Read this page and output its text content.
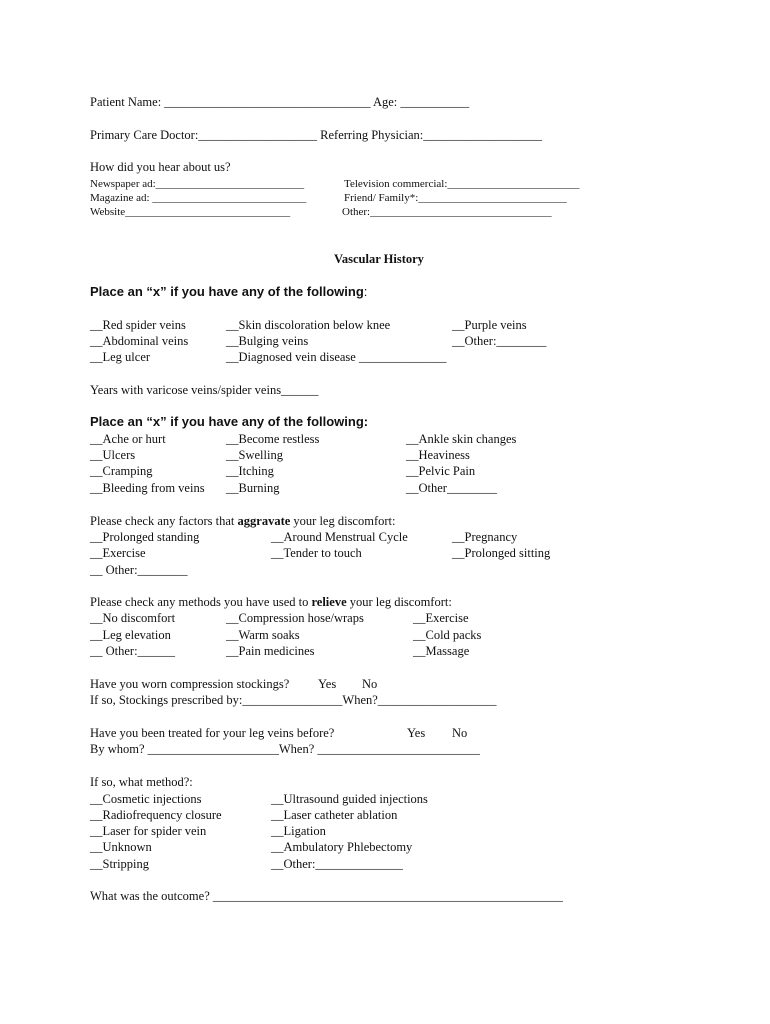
Patient Name: _________________________________ Age: ___________
Primary Care Doctor:___________________ Referring Physician:___________________
How did you hear about us?
Newspaper ad:___________________________	Television commercial:________________________
Magazine ad: ____________________________	Friend/ Family*:___________________________
Website______________________________	Other:_________________________________
Vascular History
Place an “x” if you have any of the following:
__Red spider veins
__Abdominal veins
__Leg ulcer
__Skin discoloration below knee
__Bulging veins
__Diagnosed vein disease ______________
__Purple veins
__Other:________
Years with varicose veins/spider veins______
Place an “x” if you have any of the following:
__Ache or hurt
__Ulcers
__Cramping
__Bleeding from veins
__Become restless
__Swelling
__Itching
__Burning
__Ankle skin changes
__Heaviness
__Pelvic Pain
__Other________
Please check any factors that aggravate your leg discomfort:
__Prolonged standing
__Exercise
__ Other:________
__Around Menstrual Cycle
__Tender to touch
__Pregnancy
__Prolonged sitting
Please check any methods you have used to relieve your leg discomfort:
__No discomfort
__Leg elevation
__ Other:______
__Compression hose/wraps
__Warm soaks
__Pain medicines
__Exercise
__Cold packs
__Massage
Have you worn compression stockings? Yes No
If so, Stockings prescribed by:________________When?___________________
Have you been treated for your leg veins before?	Yes No
By whom? _____________________When? __________________________
If so, what method?:
__Cosmetic injections
__Radiofrequency closure
__Laser for spider vein
__Unknown
__Stripping
__Ultrasound guided injections
__Laser catheter ablation
__Ligation
__Ambulatory Phlebectomy
__Other:______________
What was the outcome? ________________________________________________________
